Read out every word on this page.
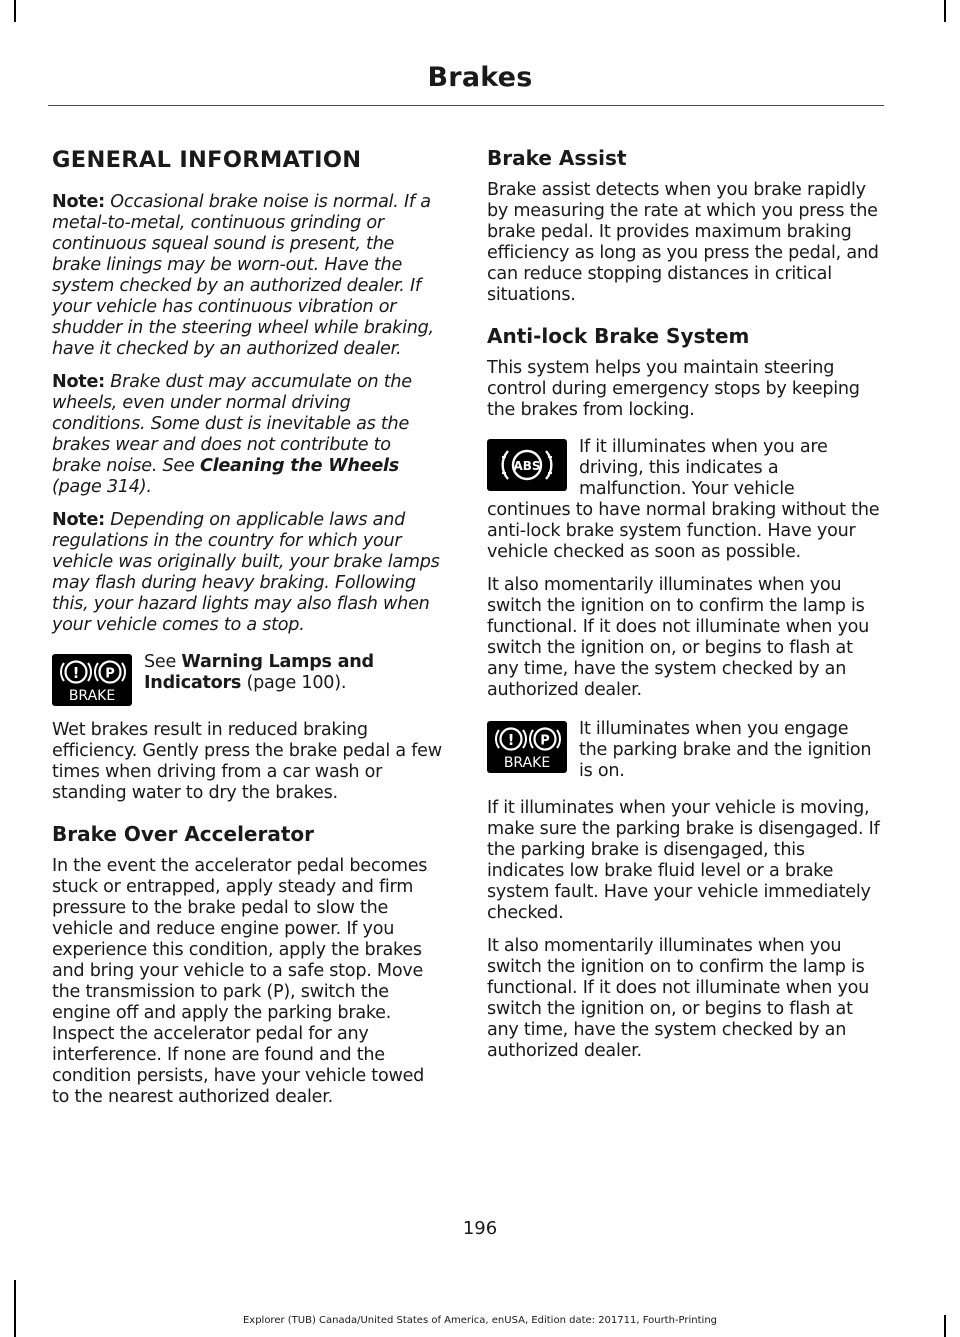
Brakes
GENERAL INFORMATION

Note: Occasional brake noise is normal. If a metal-to-metal, continuous grinding or continuous squeal sound is present, the brake linings may be worn-out. Have the system checked by an authorized dealer. If your vehicle has continuous vibration or shudder in the steering wheel while braking, have it checked by an authorized dealer.

Note: Brake dust may accumulate on the wheels, even under normal driving conditions. Some dust is inevitable as the brakes wear and does not contribute to brake noise. See Cleaning the Wheels (page 314).

Note: Depending on applicable laws and regulations in the country for which your vehicle was originally built, your brake lamps may flash during heavy braking. Following this, your hazard lights may also flash when your vehicle comes to a stop.

! P
BRAKE

See Warning Lamps and Indicators (page 100).

Wet brakes result in reduced braking efficiency. Gently press the brake pedal a few times when driving from a car wash or standing water to dry the brakes.

Brake Over Accelerator

In the event the accelerator pedal becomes stuck or entrapped, apply steady and firm pressure to the brake pedal to slow the vehicle and reduce engine power. If you experience this condition, apply the brakes and bring your vehicle to a safe stop. Move the transmission to park (P), switch the engine off and apply the parking brake. Inspect the accelerator pedal for any interference. If none are found and the condition persists, have your vehicle towed to the nearest authorized dealer.

Brake Assist

Brake assist detects when you brake rapidly by measuring the rate at which you press the brake pedal. It provides maximum braking efficiency as long as you press the pedal, and can reduce stopping distances in critical situations.

Anti-lock Brake System

This system helps you maintain steering control during emergency stops by keeping the brakes from locking.

ABS

If it illuminates when you are driving, this indicates a malfunction. Your vehicle continues to have normal braking without the anti-lock brake system function. Have your vehicle checked as soon as possible.

It also momentarily illuminates when you switch the ignition on to confirm the lamp is functional. If it does not illuminate when you switch the ignition on, or begins to flash at any time, have the system checked by an authorized dealer.

! P
BRAKE

It illuminates when you engage the parking brake and the ignition is on.

If it illuminates when your vehicle is moving, make sure the parking brake is disengaged. If the parking brake is disengaged, this indicates low brake fluid level or a brake system fault. Have your vehicle immediately checked.

It also momentarily illuminates when you switch the ignition on to confirm the lamp is functional. If it does not illuminate when you switch the ignition on, or begins to flash at any time, have the system checked by an authorized dealer.

196
Explorer (TUB) Canada/United States of America, enUSA, Edition date: 201711, Fourth-Printing
